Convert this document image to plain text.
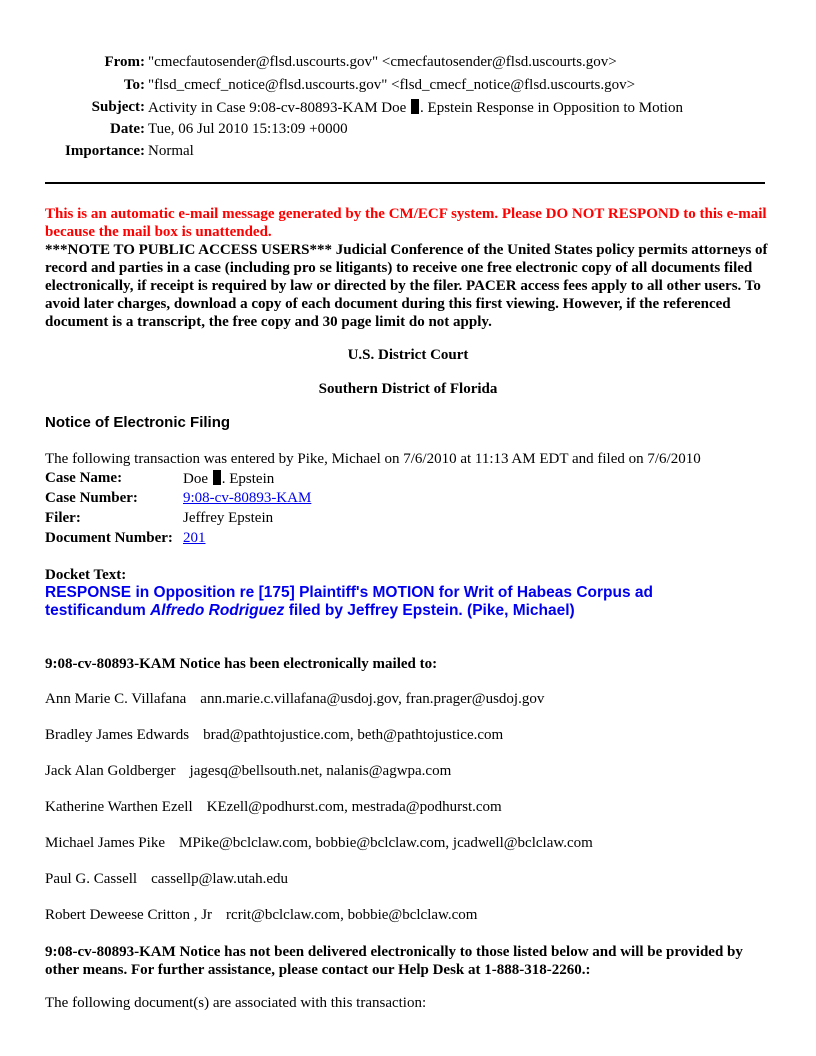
From: "cmecfautosender@flsd.uscourts.gov" <cmecfautosender@flsd.uscourts.gov>
To: "flsd_cmecf_notice@flsd.uscourts.gov" <flsd_cmecf_notice@flsd.uscourts.gov>
Subject: Activity in Case 9:08-cv-80893-KAM Doe . Epstein Response in Opposition to Motion
Date: Tue, 06 Jul 2010 15:13:09 +0000
Importance: Normal
This is an automatic e-mail message generated by the CM/ECF system. Please DO NOT RESPOND to this e-mail because the mail box is unattended.
***NOTE TO PUBLIC ACCESS USERS*** Judicial Conference of the United States policy permits attorneys of record and parties in a case (including pro se litigants) to receive one free electronic copy of all documents filed electronically, if receipt is required by law or directed by the filer. PACER access fees apply to all other users. To avoid later charges, download a copy of each document during this first viewing. However, if the referenced document is a transcript, the free copy and 30 page limit do not apply.
U.S. District Court
Southern District of Florida
Notice of Electronic Filing
The following transaction was entered by Pike, Michael on 7/6/2010 at 11:13 AM EDT and filed on 7/6/2010
Case Name:	Doe . Epstein
Case Number:	9:08-cv-80893-KAM
Filer:	Jeffrey Epstein
Document Number:	201
Docket Text:
RESPONSE in Opposition re [175] Plaintiff's MOTION for Writ of Habeas Corpus ad testificandum Alfredo Rodriguez filed by Jeffrey Epstein. (Pike, Michael)
9:08-cv-80893-KAM Notice has been electronically mailed to:
Ann Marie C. Villafana ann.marie.c.villafana@usdoj.gov, fran.prager@usdoj.gov
Bradley James Edwards brad@pathtojustice.com, beth@pathtojustice.com
Jack Alan Goldberger jagesq@bellsouth.net, nalanis@agwpa.com
Katherine Warthen Ezell KEzell@podhurst.com, mestrada@podhurst.com
Michael James Pike MPike@bclclaw.com, bobbie@bclclaw.com, jcadwell@bclclaw.com
Paul G. Cassell cassellp@law.utah.edu
Robert Deweese Critton , Jr rcrit@bclclaw.com, bobbie@bclclaw.com
9:08-cv-80893-KAM Notice has not been delivered electronically to those listed below and will be provided by other means. For further assistance, please contact our Help Desk at 1-888-318-2260.:
The following document(s) are associated with this transaction:
